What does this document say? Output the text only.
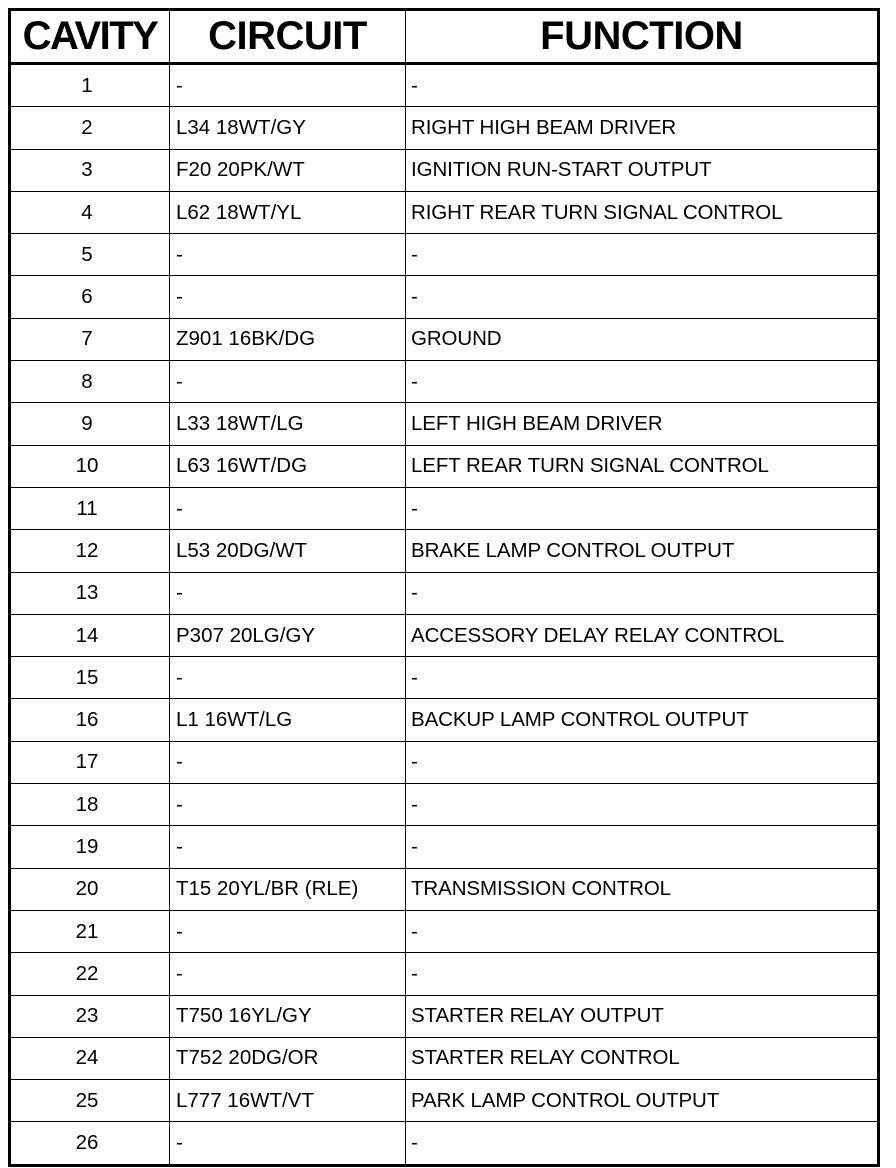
CAVITY	CIRCUIT	FUNCTION
1	-	-
2	L34 18WT/GY	RIGHT HIGH BEAM DRIVER
3	F20 20PK/WT	IGNITION RUN-START OUTPUT
4	L62 18WT/YL	RIGHT REAR TURN SIGNAL CONTROL
5	-	-
6	-	-
7	Z901 16BK/DG	GROUND
8	-	-
9	L33 18WT/LG	LEFT HIGH BEAM DRIVER
10	L63 16WT/DG	LEFT REAR TURN SIGNAL CONTROL
11	-	-
12	L53 20DG/WT	BRAKE LAMP CONTROL OUTPUT
13	-	-
14	P307 20LG/GY	ACCESSORY DELAY RELAY CONTROL
15	-	-
16	L1 16WT/LG	BACKUP LAMP CONTROL OUTPUT
17	-	-
18	-	-
19	-	-
20	T15 20YL/BR (RLE)	TRANSMISSION CONTROL
21	-	-
22	-	-
23	T750 16YL/GY	STARTER RELAY OUTPUT
24	T752 20DG/OR	STARTER RELAY CONTROL
25	L777 16WT/VT	PARK LAMP CONTROL OUTPUT
26	-	-
